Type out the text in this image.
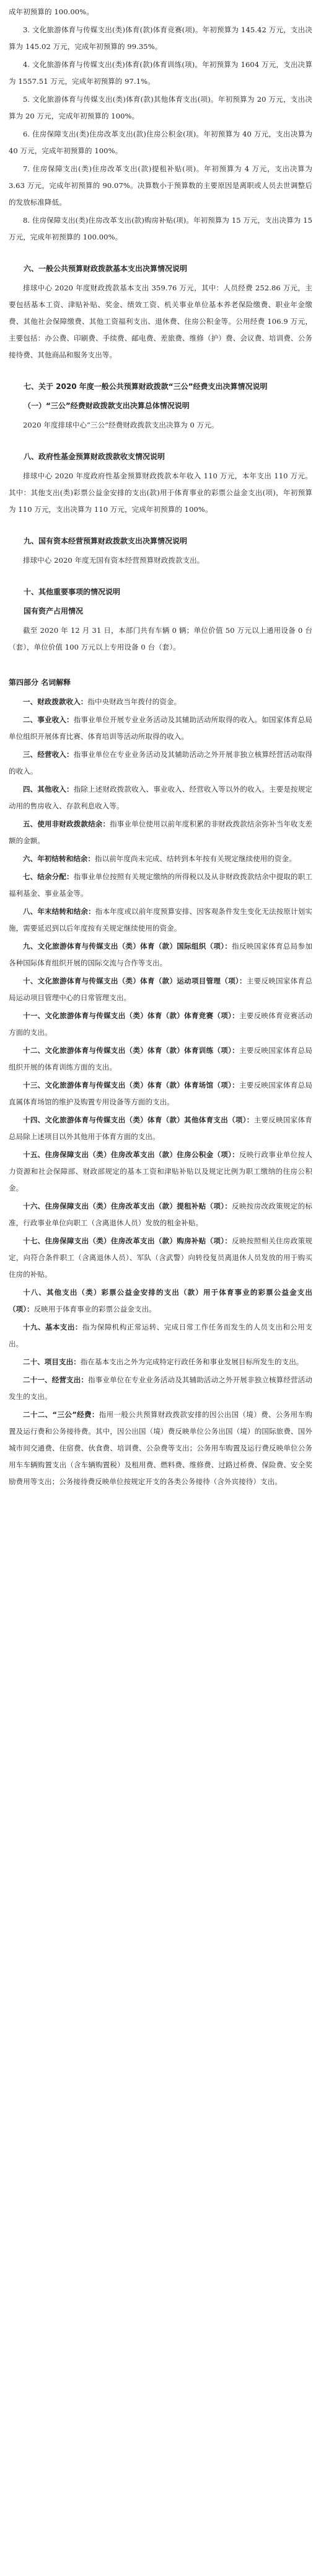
成年初预算的 100.00%。

3. 文化旅游体育与传媒支出(类)体育(款)体育竞赛(项)。年初预算为 145.42 万元，支出决算为 145.02 万元，完成年初预算的 99.35%。

4. 文化旅游体育与传媒支出(类)体育(款)体育训练(项)。年初预算为 1604 万元，支出决算为 1557.51 万元，完成年初预算的 97.1%。

5. 文化旅游体育与传媒支出(类)体育(款)其他体育支出(项)。年初预算为 20 万元，支出决算为 20 万元，完成年初预算的 100%。

6. 住房保障支出(类)住房改革支出(款)住房公积金(项)。年初预算为 40 万元，支出决算为 40 万元，完成年初预算的 100%。

7. 住房保障支出(类)住房改革支出(款)提租补贴(项)。年初预算为 4 万元，支出决算为 3.63 万元，完成年初预算的 90.07%。决算数小于预算数的主要原因是离职或人员去世调整后的发放标准降低。

8. 住房保障支出(类)住房改革支出(款)购房补贴(项)。年初预算为 15 万元，支出决算为 15 万元，完成年初预算的 100.00%。

六、一般公共预算财政拨款基本支出决算情况说明

排球中心 2020 年度财政拨款基本支出 359.76 万元，其中：人员经费 252.86 万元，主要包括基本工资、津贴补贴、奖金、绩效工资、机关事业单位基本养老保险缴费、职业年金缴费、其他社会保障缴费、其他工资福利支出、退休费、住房公积金等。公用经费 106.9 万元，主要包括：办公费、印刷费、手续费、邮电费、差旅费、维修（护）费、会议费、培训费、公务接待费、其他商品和服务支出等。

七、关于 2020 年度一般公共预算财政拨款“三公”经费支出决算情况说明
（一）“三公”经费财政拨款支出决算总体情况说明

2020 年度排球中心“三公”经费财政拨款支出决算为 0 万元。

八、政府性基金预算财政拨款收支情况说明

排球中心 2020 年度政府性基金预算财政拨款本年收入 110 万元，本年支出 110 万元。其中：其他支出(类)彩票公益金安排的支出(款)用于体育事业的彩票公益金支出(项)，年初预算为 110 万元，支出决算为 110 万元，完成年初预算的 100%。

九、国有资本经营预算财政拨款支出决算情况说明

排球中心 2020 年度无国有资本经营预算财政拨款支出。

十、其他重要事项的情况说明
国有资产占用情况

截至 2020 年 12 月 31 日，本部门共有车辆 0 辆；单位价值 50 万元以上通用设备 0 台（套），单位价值 100 万元以上专用设备 0 台（套）。

第四部分 名词解释

一、财政拨款收入：指中央财政当年拨付的资金。

二、事业收入：指事业单位开展专业业务活动及其辅助活动所取得的收入。如国家体育总局单位组织开展体育比赛、体育培训等活动所取得的收入。

三、经营收入：指事业单位在专业业务活动及其辅助活动之外开展非独立核算经营活动取得的收入。

四、其他收入：指除上述财政拨款收入、事业收入、经营收入等以外的收入。主要是按规定动用的售房收入、存款利息收入等。

五、使用非财政拨款结余：指事业单位使用以前年度积累的非财政拨款结余弥补当年收支差额的金额。

六、年初结转和结余：指以前年度尚未完成、结转到本年按有关规定继续使用的资金。

七、结余分配：指事业单位按照有关规定缴纳的所得税以及从非财政拨款结余中提取的职工福利基金、事业基金等。

八、年末结转和结余：指本年度或以前年度预算安排、因客观条件发生变化无法按原计划实施，需要延迟到以后年度按有关规定继续使用的资金。

九、文化旅游体育与传媒支出（类）体育（款）国际组织（项）：指反映国家体育总局参加各种国际体育组织开展的国际交流与合作等支出。

十、文化旅游体育与传媒支出（类）体育（款）运动项目管理（项）：主要反映国家体育总局运动项目管理中心的日常管理支出。

十一、文化旅游体育与传媒支出（类）体育（款）体育竞赛（项）：主要反映体育竞赛活动方面的支出。

十二、文化旅游体育与传媒支出（类）体育（款）体育训练（项）：主要反映国家体育总局组织开展的体育训练方面的支出。

十三、文化旅游体育与传媒支出（类）体育（款）体育场馆（项）：主要反映国家体育总局直属体育场馆的维护及购置专用设备等方面的支出。

十四、文化旅游体育与传媒支出（类）体育（款）其他体育支出（项）：主要反映国家体育总局除上述项目以外其他用于体育方面的支出。

十五、住房保障支出（类）住房改革支出（款）住房公积金（项）：反映行政事业单位按人力资源和社会保障部、财政部规定的基本工资和津贴补贴以及规定比例为职工缴纳的住房公积金。

十六、住房保障支出（类）住房改革支出（款）提租补贴（项）：反映按房改政策规定的标准，行政事业单位向职工（含离退休人员）发放的租金补贴。

十七、住房保障支出（类）住房改革支出（款）购房补贴（项）：反映按照相关住房政策规定，向符合条件职工（含离退休人员）、军队（含武警）向转役复员离退休人员发放的用于购买住房的补贴。

十八、其他支出（类）彩票公益金安排的支出（款）用于体育事业的彩票公益金支出（项）：反映用于体育事业的彩票公益金支出。

十九、基本支出：指为保障机构正常运转、完成日常工作任务而发生的人员支出和公用支出。

二十、项目支出：指在基本支出之外为完成特定行政任务和事业发展目标所发生的支出。

二十一、经营支出：指事业单位在专业业务活动及其辅助活动之外开展非独立核算经营活动发生的支出。

二十二、“三公”经费：指用一般公共预算财政拨款安排的因公出国（境）费、公务用车购置及运行费和公务接待费。其中，因公出国（境）费反映单位公务出国（境）的国际旅费、国外城市间交通费、住宿费、伙食费、培训费、公杂费等支出；公务用车购置及运行费反映单位公务用车车辆购置支出（含车辆购置税）及租用费、燃料费、维修费、过路过桥费、保险费、安全奖励费用等支出；公务接待费反映单位按规定开支的各类公务接待（含外宾接待）支出。
